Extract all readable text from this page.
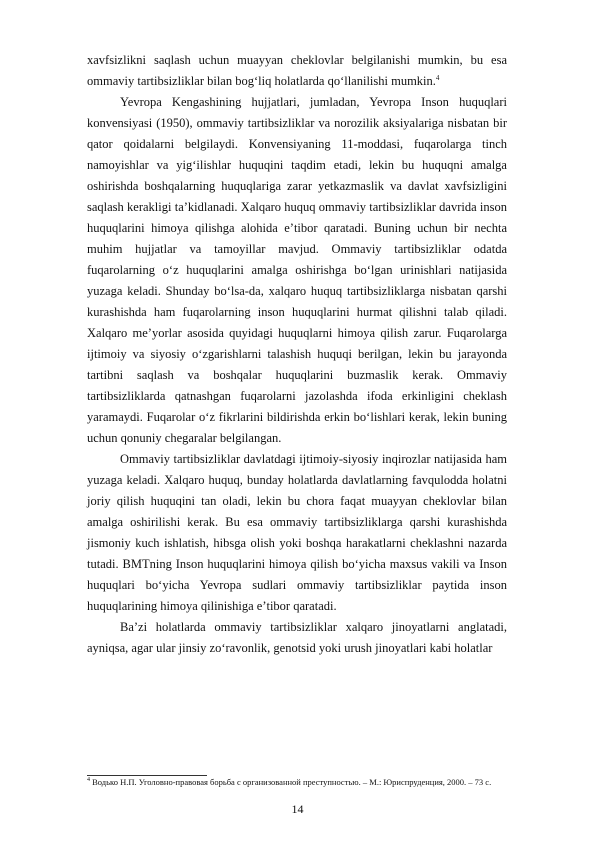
xavfsizlikni saqlash uchun muayyan cheklovlar belgilanishi mumkin, bu esa ommaviy tartibsizliklar bilan bog‘liq holatlarda qo‘llanilishi mumkin.$^4$

Yevropa Kengashining hujjatlari, jumladan, Yevropa Inson huquqlari konvensiyasi (1950), ommaviy tartibsizliklar va norozilik aksiyalariga nisbatan bir qator qoidalarni belgilaydi. Konvensiyaning 11-moddasi, fuqarolarga tinch namoyishlar va yig‘ilishlar huquqini taqdim etadi, lekin bu huquqni amalga oshirishda boshqalarning huquqlariga zarar yetkazmaslik va davlat xavfsizligini saqlash kerakligi taʼkidlanadi. Xalqaro huquq ommaviy tartibsizliklar davrida inson huquqlarini himoya qilishga alohida eʼtibor qaratadi. Buning uchun bir nechta muhim hujjatlar va tamoyillar mavjud. Ommaviy tartibsizliklar odatda fuqarolarning o‘z huquqlarini amalga oshirishga bo‘lgan urinishlari natijasida yuzaga keladi. Shunday bo‘lsa-da, xalqaro huquq tartibsizliklarga nisbatan qarshi kurashishda ham fuqarolarning inson huquqlarini hurmat qilishni talab qiladi. Xalqaro meʼyorlar asosida quyidagi huquqlarni himoya qilish zarur. Fuqarolarga ijtimoiy va siyosiy o‘zgarishlarni talashish huquqi berilgan, lekin bu jarayonda tartibni saqlash va boshqalar huquqlarini buzmaslik kerak. Ommaviy tartibsizliklarda qatnashgan fuqarolarni jazolashda ifoda erkinligini cheklash yaramaydi. Fuqarolar o‘z fikrlarini bildirishda erkin bo‘lishlari kerak, lekin buning uchun qonuniy chegaralar belgilangan.

Ommaviy tartibsizliklar davlatdagi ijtimoiy-siyosiy inqirozlar natijasida ham yuzaga keladi. Xalqaro huquq, bunday holatlarda davlatlarning favqulodda holatni joriy qilish huquqini tan oladi, lekin bu chora faqat muayyan cheklovlar bilan amalga oshirilishi kerak. Bu esa ommaviy tartibsizliklarga qarshi kurashishda jismoniy kuch ishlatish, hibsga olish yoki boshqa harakatlarni cheklashni nazarda tutadi. BMTning Inson huquqlarini himoya qilish bo‘yicha maxsus vakili va Inson huquqlari bo‘yicha Yevropa sudlari ommaviy tartibsizliklar paytida inson huquqlarining himoya qilinishiga eʼtibor qaratadi.

Baʼzi holatlarda ommaviy tartibsizliklar xalqaro jinoyatlarni anglatadi, ayniqsa, agar ular jinsiy zo‘ravonlik, genotsid yoki urush jinoyatlari kabi holatlar

$^4$ Водько Н.П. Уголовно-правовая борьба с организованной преступностью. – М.: Юриспруденция, 2000. – 73 с.
14
